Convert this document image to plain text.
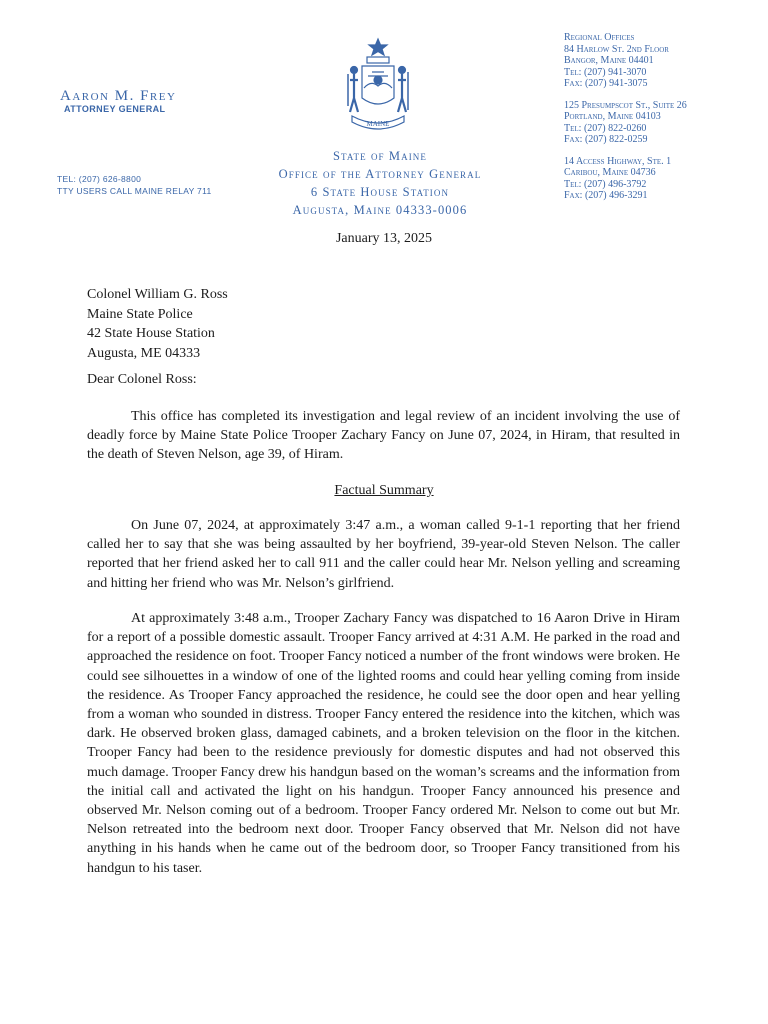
Aaron M. Frey
ATTORNEY GENERAL
TEL: (207) 626-8800
TTY USERS CALL MAINE RELAY 711
MAINE
State of Maine
Office of the Attorney General
6 State House Station
Augusta, Maine 04333-0006
Regional Offices
84 Harlow St. 2nd Floor
Bangor, Maine 04401
Tel: (207) 941-3070
Fax: (207) 941-3075
125 Presumpscot St., Suite 26
Portland, Maine 04103
Tel: (207) 822-0260
Fax: (207) 822-0259
14 Access Highway, Ste. 1
Caribou, Maine 04736
Tel: (207) 496-3792
Fax: (207) 496-3291
January 13, 2025
Colonel William G. Ross
Maine State Police
42 State House Station
Augusta, ME 04333
Dear Colonel Ross:

This office has completed its investigation and legal review of an incident involving the use of deadly force by Maine State Police Trooper Zachary Fancy on June 07, 2024, in Hiram, that resulted in the death of Steven Nelson, age 39, of Hiram.

Factual Summary

On June 07, 2024, at approximately 3:47 a.m., a woman called 9-1-1 reporting that her friend called her to say that she was being assaulted by her boyfriend, 39-year-old Steven Nelson. The caller reported that her friend asked her to call 911 and the caller could hear Mr. Nelson yelling and screaming and hitting her friend who was Mr. Nelson’s girlfriend.

At approximately 3:48 a.m., Trooper Zachary Fancy was dispatched to 16 Aaron Drive in Hiram for a report of a possible domestic assault. Trooper Fancy arrived at 4:31 A.M. He parked in the road and approached the residence on foot. Trooper Fancy noticed a number of the front windows were broken. He could see silhouettes in a window of one of the lighted rooms and could hear yelling coming from inside the residence. As Trooper Fancy approached the residence, he could see the door open and hear yelling from a woman who sounded in distress. Trooper Fancy entered the residence into the kitchen, which was dark. He observed broken glass, damaged cabinets, and a broken television on the floor in the kitchen. Trooper Fancy had been to the residence previously for domestic disputes and had not observed this much damage. Trooper Fancy drew his handgun based on the woman’s screams and the information from the initial call and activated the light on his handgun. Trooper Fancy announced his presence and observed Mr. Nelson coming out of a bedroom. Trooper Fancy ordered Mr. Nelson to come out but Mr. Nelson retreated into the bedroom next door. Trooper Fancy observed that Mr. Nelson did not have anything in his hands when he came out of the bedroom door, so Trooper Fancy transitioned from his handgun to his taser.
